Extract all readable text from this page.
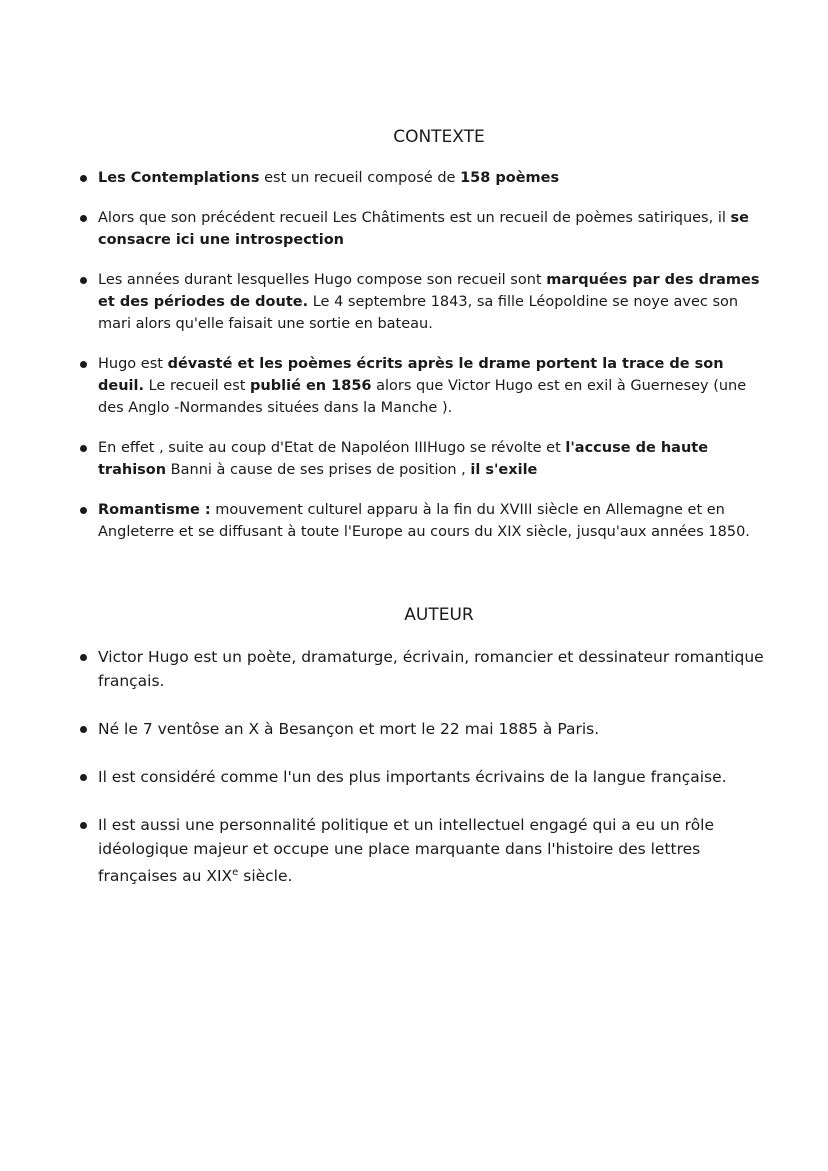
CONTEXTE
Les Contemplations est un recueil composé de 158 poèmes
Alors que son précédent recueil Les Châtiments est un recueil de poèmes satiriques, il se consacre ici une introspection
Les années durant lesquelles Hugo compose son recueil sont marquées par des drames et des périodes de doute. Le 4 septembre 1843, sa fille Léopoldine se noye avec son mari alors qu'elle faisait une sortie en bateau.
Hugo est dévasté et les poèmes écrits après le drame portent la trace de son deuil. Le recueil est publié en 1856 alors que Victor Hugo est en exil à Guernesey (une des Anglo -Normandes situées dans la Manche ).
En effet , suite au coup d'Etat de Napoléon IIIHugo se révolte et l'accuse de haute trahison Banni à cause de ses prises de position , il s'exile
Romantisme : mouvement culturel apparu à la fin du XVIII siècle en Allemagne et en Angleterre et se diffusant à toute l'Europe au cours du XIX siècle, jusqu'aux années 1850.
AUTEUR
Victor Hugo est un poète, dramaturge, écrivain, romancier et dessinateur romantique français.
Né le 7 ventôse an X à Besançon et mort le 22 mai 1885 à Paris.
Il est considéré comme l'un des plus importants écrivains de la langue française.
Il est aussi une personnalité politique et un intellectuel engagé qui a eu un rôle idéologique majeur et occupe une place marquante dans l'histoire des lettres françaises au XIXe siècle.
